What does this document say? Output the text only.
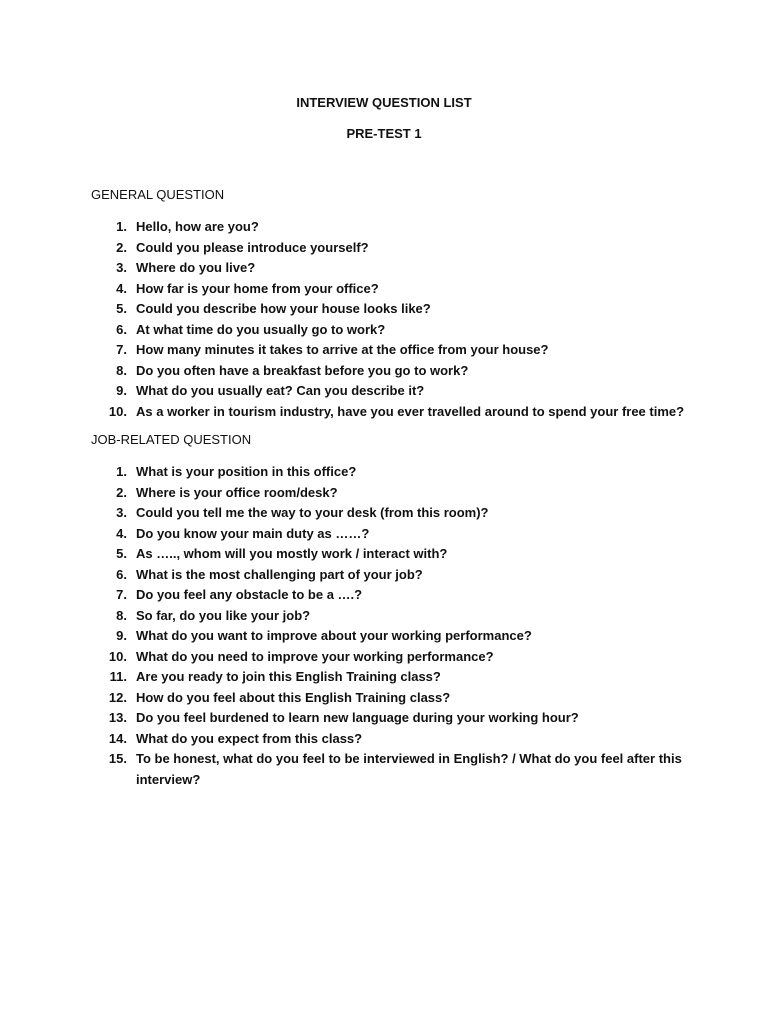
INTERVIEW QUESTION LIST
PRE-TEST 1
GENERAL QUESTION
1. Hello, how are you?
2. Could you please introduce yourself?
3. Where do you live?
4. How far is your home from your office?
5. Could you describe how your house looks like?
6. At what time do you usually go to work?
7. How many minutes it takes to arrive at the office from your house?
8. Do you often have a breakfast before you go to work?
9. What do you usually eat? Can you describe it?
10. As a worker in tourism industry, have you ever travelled around to spend your free time?
JOB-RELATED QUESTION
1. What is your position in this office?
2. Where is your office room/desk?
3. Could you tell me the way to your desk (from this room)?
4. Do you know your main duty as ……?
5. As ….., whom will you mostly work / interact with?
6. What is the most challenging part of your job?
7. Do you feel any obstacle to be a ….?
8. So far, do you like your job?
9. What do you want to improve about your working performance?
10. What do you need to improve your working performance?
11. Are you ready to join this English Training class?
12. How do you feel about this English Training class?
13. Do you feel burdened to learn new language during your working hour?
14. What do you expect from this class?
15. To be honest, what do you feel to be interviewed in English? / What do you feel after this interview?
